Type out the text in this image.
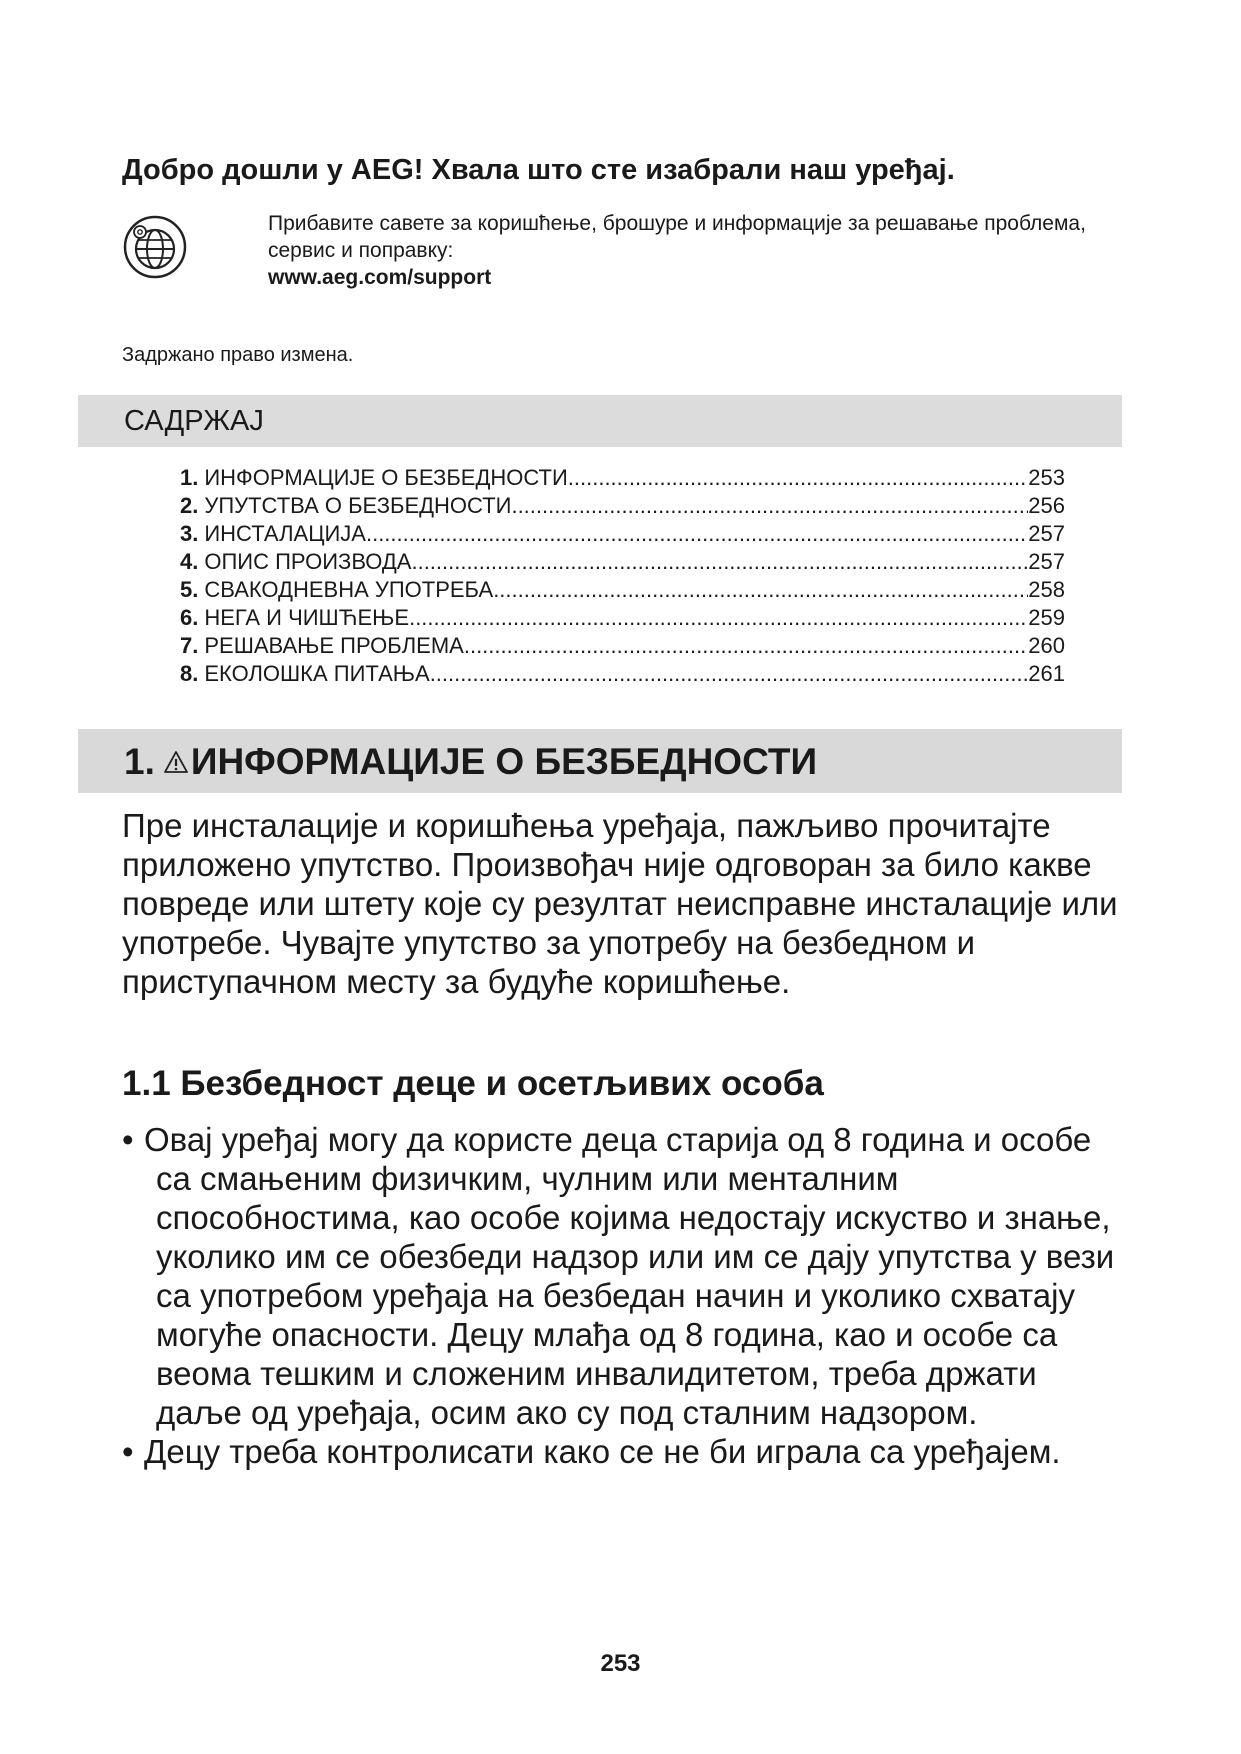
Добро дошли у AEG! Хвала што сте изабрали наш уређај.
Прибавите савете за коришћење, брошуре и информације за решавање проблема, сервис и поправку:
www.aeg.com/support
Задржано право измена.
САДРЖАЈ
1. ИНФОРМАЦИЈЕ О БЕЗБЕДНОСТИ .....	253
2. УПУТСТВА О БЕЗБЕДНОСТИ .....	256
3. ИНСТАЛАЦИЈА .....	257
4. ОПИС ПРОИЗВОДА .....	257
5. СВАКОДНЕВНА УПОТРЕБА .....	258
6. НЕГА И ЧИШЋЕЊЕ .....	259
7. РЕШАВАЊЕ ПРОБЛЕМА .....	260
8. ЕКОЛОШКА ПИТАЊА .....	261
1. ИНФОРМАЦИЈЕ О БЕЗБЕДНОСТИ
Пре инсталације и коришћења уређаја, пажљиво прочитајте приложено упутство. Произвођач није одговоран за било какве повреде или штету које су резултат неисправне инсталације или употребе. Чувајте упутство за употребу на безбедном и приступачном месту за будуће коришћење.
1.1 Безбедност деце и осетљивих особа
• Овај уређај могу да користе деца старија од 8 година и особе са смањеним физичким, чулним или менталним способностима, као особе којима недостају искуство и знање, уколико им се обезбеди надзор или им се дају упутства у вези са употребом уређаја на безбедан начин и уколико схватају могуће опасности. Децу млађа од 8 година, као и особе са веома тешким и сложеним инвалидитетом, треба држати даље од уређаја, осим ако су под сталним надзором.
• Децу треба контролисати како се не би играла са уређајем.
253
